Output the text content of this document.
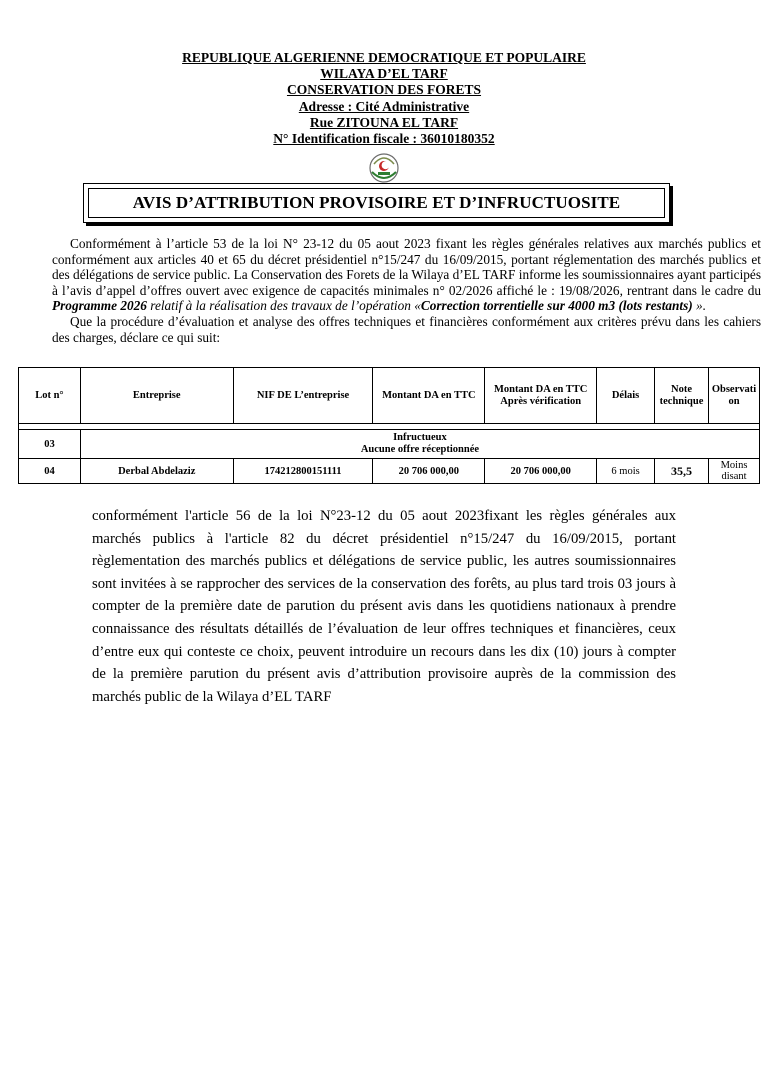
REPUBLIQUE ALGERIENNE DEMOCRATIQUE ET POPULAIRE
WILAYA D’EL TARF
CONSERVATION DES FORETS
Adresse : Cité Administrative
Rue ZITOUNA EL TARF
N° Identification fiscale : 36010180352
AVIS D’ATTRIBUTION PROVISOIRE ET D’INFRUCTUOSITE

Conformément à l’article 53 de la loi N° 23-12 du 05 aout 2023 fixant les règles générales relatives aux marchés publics et conformément aux articles 40 et 65 du décret présidentiel n°15/247 du 16/09/2015, portant réglementation des marchés publics et des délégations de service public. La Conservation des Forets de la Wilaya d’EL TARF informe les soumissionnaires ayant participés à l’avis d’appel d’offres ouvert avec exigence de capacités minimales n° 02/2026 affiché le : 19/08/2026, rentrant dans le cadre du Programme 2026 relatif à la réalisation des travaux de l’opération «Correction torrentielle sur 4000 m3 (lots restants) ».

Que la procédure d’évaluation et analyse des offres techniques et financières conformément aux critères prévu dans les cahiers des charges, déclare ce qui suit:

Lot n°	Entreprise	NIF DE L’entreprise	Montant DA en TTC	Montant DA en TTC Après vérification	Délais	Note technique	Observation

03	Infructueux
Aucune offre réceptionnée						

04	Derbal Abdelaziz	174212800151111	20 706 000,00	20 706 000,00	6 mois	35,5	Moins disant

conformément l'article 56 de la loi N°23-12 du 05 aout 2023fixant les règles générales aux marchés publics à l'article 82 du décret présidentiel n°15/247 du 16/09/2015, portant règlementation des marchés publics et délégations de service public, les autres soumissionnaires sont invitées à se rapprocher des services de la conservation des forêts, au plus tard trois 03 jours à compter de la première date de parution du présent avis dans les quotidiens nationaux à prendre connaissance des résultats détaillés de l’évaluation de leur offres techniques et financières, ceux d’entre eux qui conteste ce choix, peuvent introduire un recours dans les dix (10) jours à compter de la première parution du présent avis d’attribution provisoire auprès de la commission des marchés public de la Wilaya d’EL TARF
